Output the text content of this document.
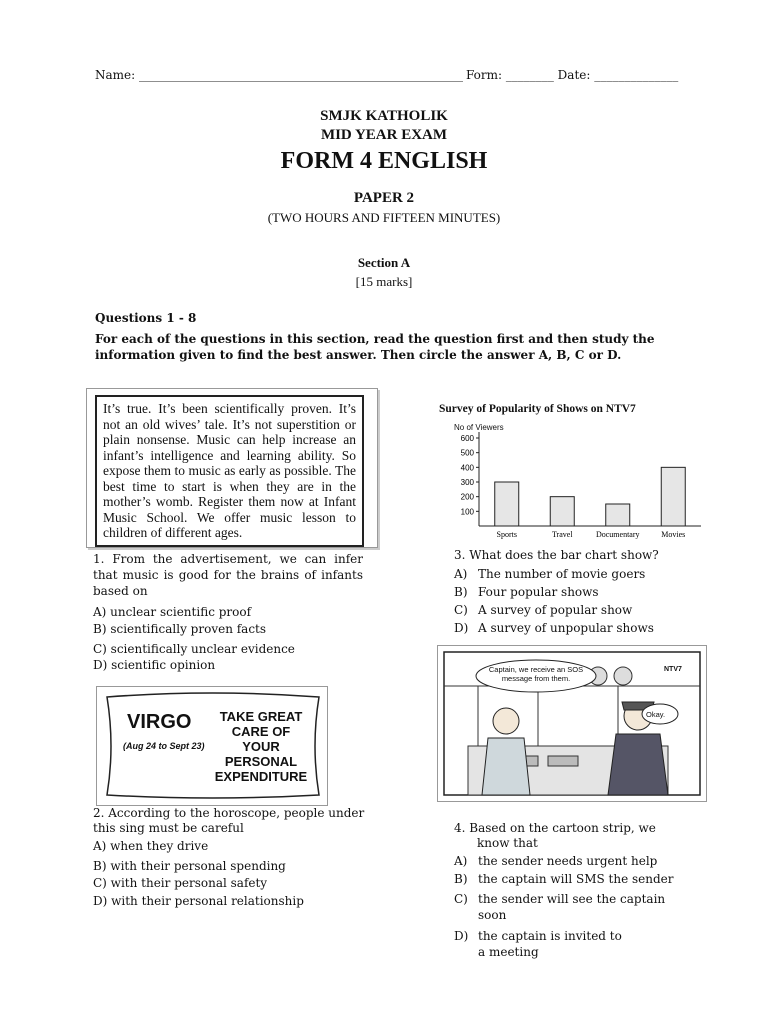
Name: ______________________________________________________ Form: ________ Date: ______________
SMJK KATHOLIK
MID YEAR EXAM
FORM 4 ENGLISH
PAPER 2
(TWO HOURS AND FIFTEEN MINUTES)
Section A
[15 marks]
Questions 1 - 8
For each of the questions in this section, read the question first and then study the information given to find the best answer. Then circle the answer A, B, C or D.
It’s true. It’s been scientifically proven. It’s not an old wives’ tale. It’s not superstition or plain nonsense. Music can help increase an infant’s intelligence and learning ability. So expose them to music as early as possible. The best time to start is when they are in the mother’s womb. Register them now at Infant Music School. We offer music lesson to children of different ages.
1. From the advertisement, we can infer that music is good for the brains of infants based on
A) unclear scientific proof
B) scientifically proven facts
C) scientifically unclear evidence
D) scientific opinion
VIRGO
(Aug 24 to Sept 23)
TAKE GREAT
CARE OF
YOUR
PERSONAL
EXPENDITURE
2. According to the horoscope, people under this sing must be careful
A) when they drive
B) with their personal spending
C) with their personal safety
D) with their personal relationship
Survey of Popularity of Shows on NTV7
No of Viewers
600
500
400
300
200
100
Sports	Travel	Documentary	Movies
3. What does the bar chart show?
A) The number of movie goers
B) Four popular shows
C) A survey of popular show
D) A survey of unpopular shows
Captain, we receive an SOS message from them.
Okay.
NTV7
4. Based on the cartoon strip, we
know that
A) the sender needs urgent help
B) the captain will SMS the sender
C) the sender will see the captain
soon
D) the captain is invited to
a meeting
